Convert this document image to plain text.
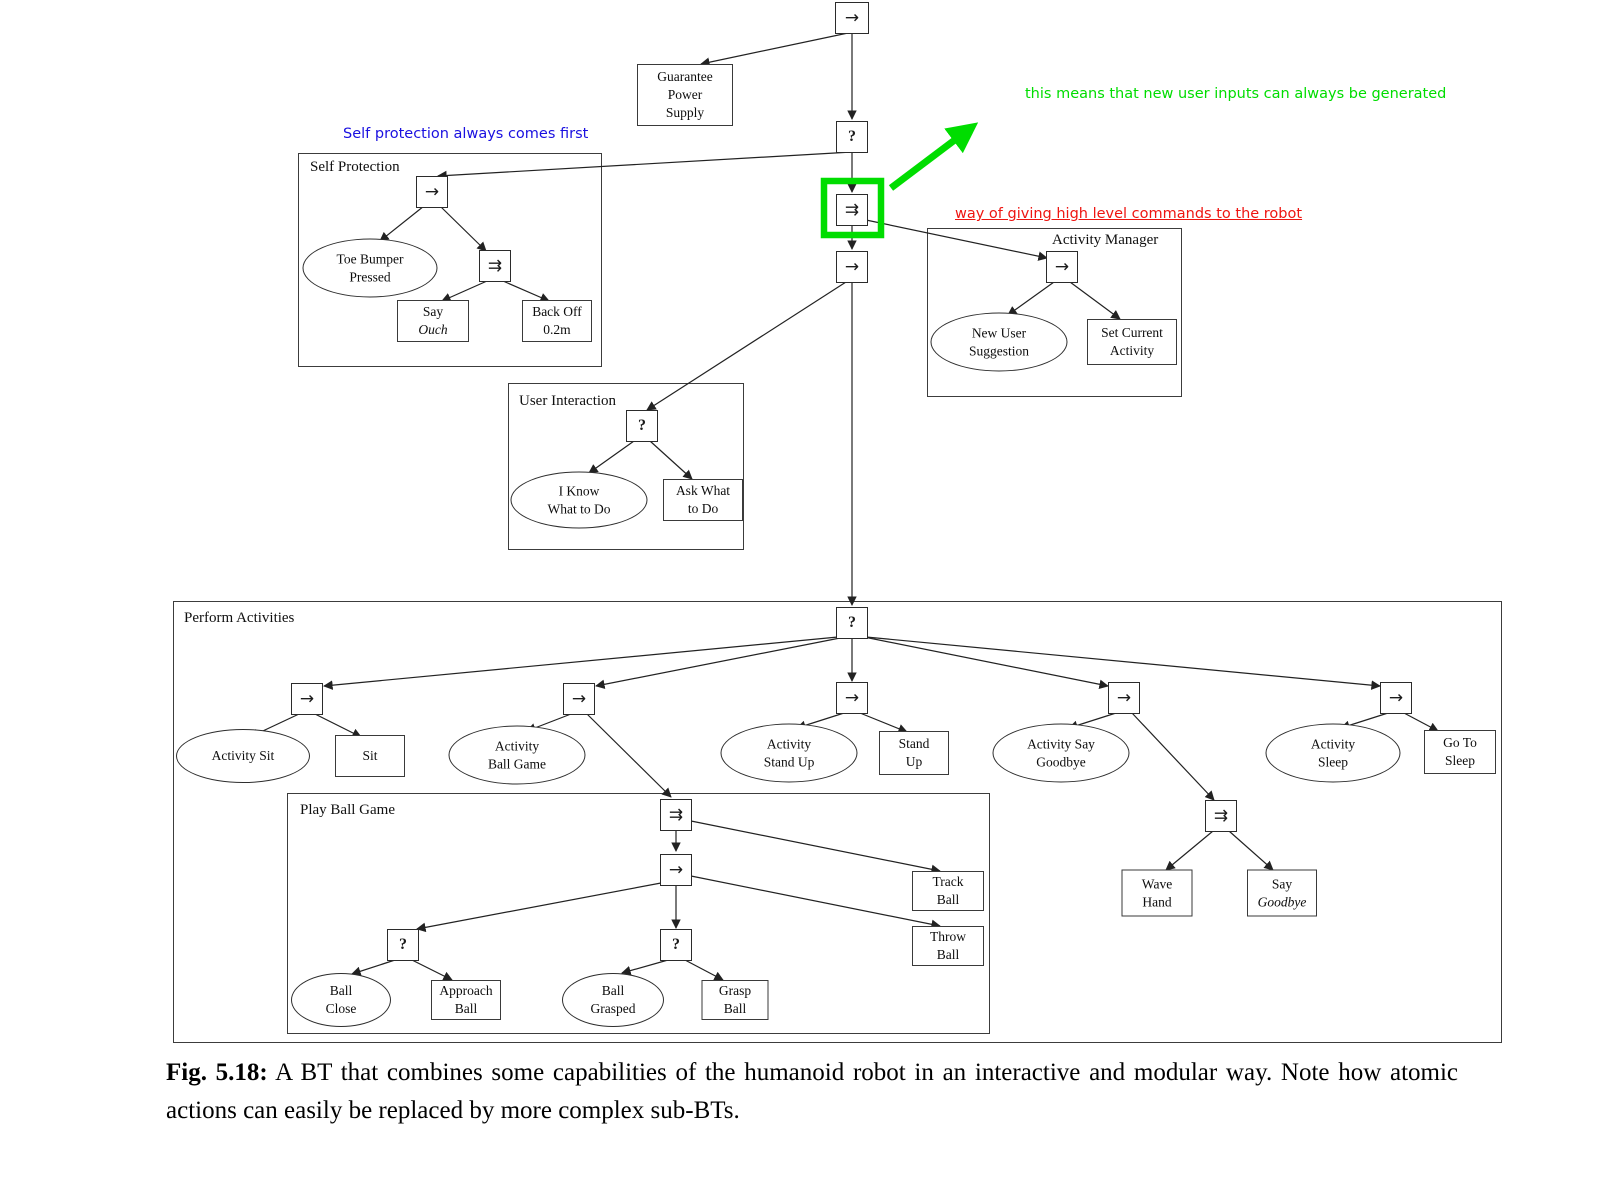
Self Protection
Activity Manager
User Interaction
Perform Activities
Play Ball Game
Self protection always comes first
way of giving high level commands to the robot
this means that new user inputs can always be generated
→
?
⇉
→
→
⇉	→
?
?
→	→	→	→	→
⇉
⇉
→
?	?
Guarantee
Power
Supply
Say
Ouch
Back Off
0.2m	Set Current
Activity
Ask What
to Do
Sit
Stand
Up
Go To
Sleep
Wave
Hand
Say
Goodbye
Track
Ball
Throw
Ball
Approach
Ball
Grasp
Ball
Toe Bumper
Pressed
New User
Suggestion
I Know
What to Do
Activity Sit
Activity
Ball Game
Activity
Stand Up
Activity Say
Goodbye
Activity
Sleep
Ball
Close
Ball
Grasped
Fig. 5.18: A BT that combines some capabilities of the humanoid robot in an interactive and modular way. Note how atomic actions can easily be replaced by more complex sub-BTs.
